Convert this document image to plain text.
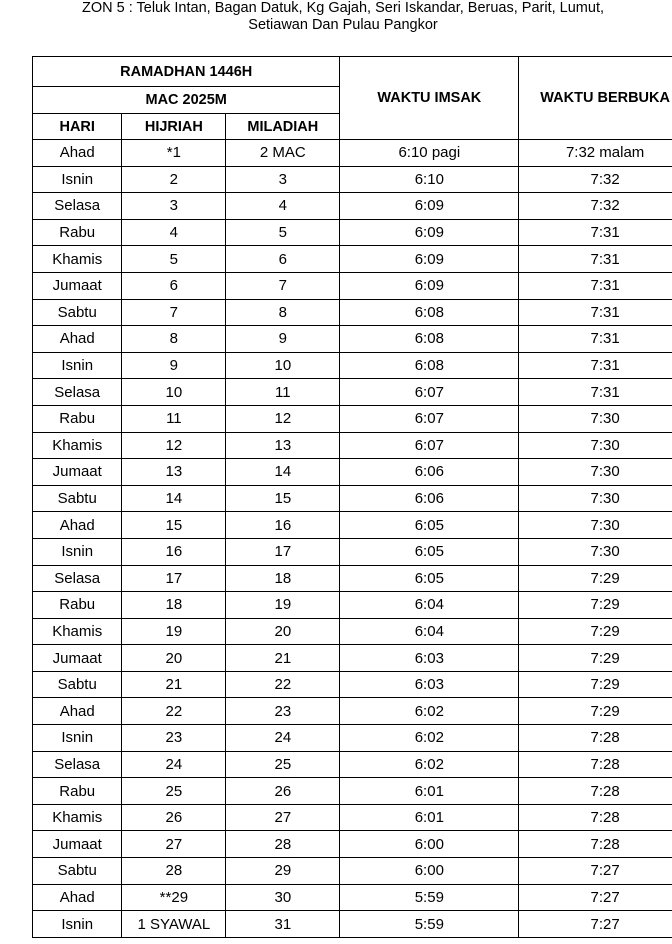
ZON 5 : Teluk Intan, Bagan Datuk, Kg Gajah, Seri Iskandar, Beruas, Parit, Lumut,
Setiawan Dan Pulau Pangkor
RAMADHAN 1446H			WAKTU IMSAK	WAKTU BERBUKA
MAC 2025M				
HARI	HIJRIAH	MILADIAH		
Ahad	*1	2 MAC	6:10 pagi	7:32 malam
Isnin	2	3	6:10	7:32
Selasa	3	4	6:09	7:32
Rabu	4	5	6:09	7:31
Khamis	5	6	6:09	7:31
Jumaat	6	7	6:09	7:31
Sabtu	7	8	6:08	7:31
Ahad	8	9	6:08	7:31
Isnin	9	10	6:08	7:31
Selasa	10	11	6:07	7:31
Rabu	11	12	6:07	7:30
Khamis	12	13	6:07	7:30
Jumaat	13	14	6:06	7:30
Sabtu	14	15	6:06	7:30
Ahad	15	16	6:05	7:30
Isnin	16	17	6:05	7:30
Selasa	17	18	6:05	7:29
Rabu	18	19	6:04	7:29
Khamis	19	20	6:04	7:29
Jumaat	20	21	6:03	7:29
Sabtu	21	22	6:03	7:29
Ahad	22	23	6:02	7:29
Isnin	23	24	6:02	7:28
Selasa	24	25	6:02	7:28
Rabu	25	26	6:01	7:28
Khamis	26	27	6:01	7:28
Jumaat	27	28	6:00	7:28
Sabtu	28	29	6:00	7:27
Ahad	**29	30	5:59	7:27
Isnin	1 SYAWAL	31	5:59	7:27
